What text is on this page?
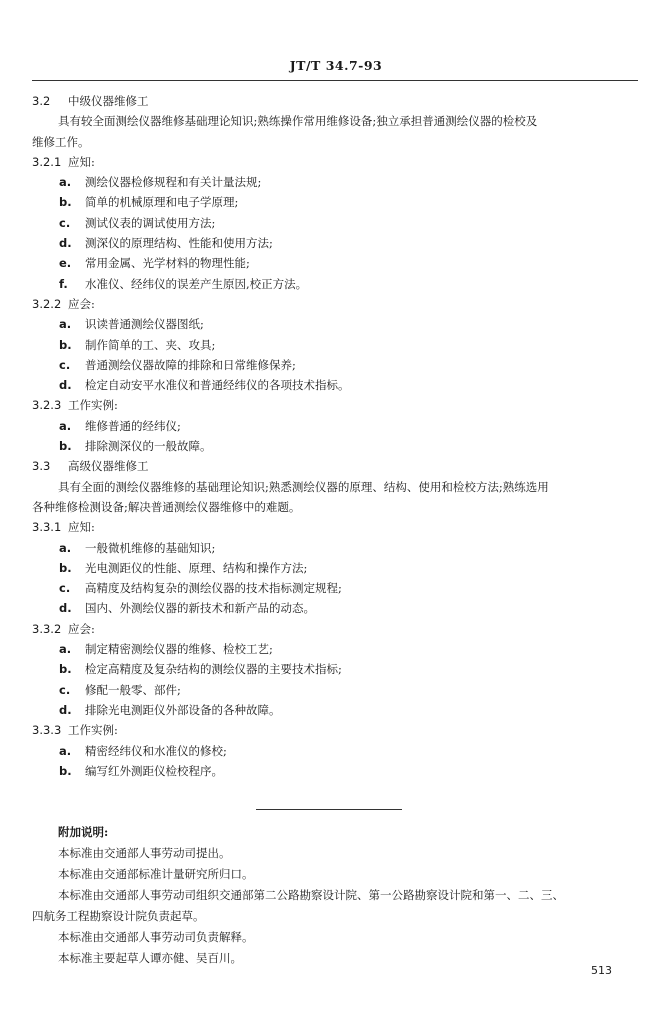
JT/T 34.7-93
3.2 中级仪器维修工
具有较全面测绘仪器维修基础理论知识;熟练操作常用维修设备;独立承担普通测绘仪器的检校及
维修工作。
3.2.1 应知:
a. 测绘仪器检修规程和有关计量法规;
b. 简单的机械原理和电子学原理;
c. 测试仪表的调试使用方法;
d. 测深仪的原理结构、性能和使用方法;
e. 常用金属、光学材料的物理性能;
f. 水准仪、经纬仪的误差产生原因,校正方法。
3.2.2 应会:
a. 识读普通测绘仪器图纸;
b. 制作简单的工、夹、攻具;
c. 普通测绘仪器故障的排除和日常维修保养;
d. 检定自动安平水准仪和普通经纬仪的各项技术指标。
3.2.3 工作实例:
a. 维修普通的经纬仪;
b. 排除测深仪的一般故障。
3.3 高级仪器维修工
具有全面的测绘仪器维修的基础理论知识;熟悉测绘仪器的原理、结构、使用和检校方法;熟练选用
各种维修检测设备;解决普通测绘仪器维修中的难题。
3.3.1 应知:
a. 一般微机维修的基础知识;
b. 光电测距仪的性能、原理、结构和操作方法;
c. 高精度及结构复杂的测绘仪器的技术指标测定规程;
d. 国内、外测绘仪器的新技术和新产品的动态。
3.3.2 应会:
a. 制定精密测绘仪器的维修、检校工艺;
b. 检定高精度及复杂结构的测绘仪器的主要技术指标;
c. 修配一般零、部件;
d. 排除光电测距仪外部设备的各种故障。
3.3.3 工作实例:
a. 精密经纬仪和水准仪的修校;
b. 编写红外测距仪检校程序。
附加说明:
本标准由交通部人事劳动司提出。
本标准由交通部标准计量研究所归口。
本标准由交通部人事劳动司组织交通部第二公路勘察设计院、第一公路勘察设计院和第一、二、三、
四航务工程勘察设计院负责起草。
本标准由交通部人事劳动司负责解释。
本标准主要起草人谭亦健、吴百川。
513
